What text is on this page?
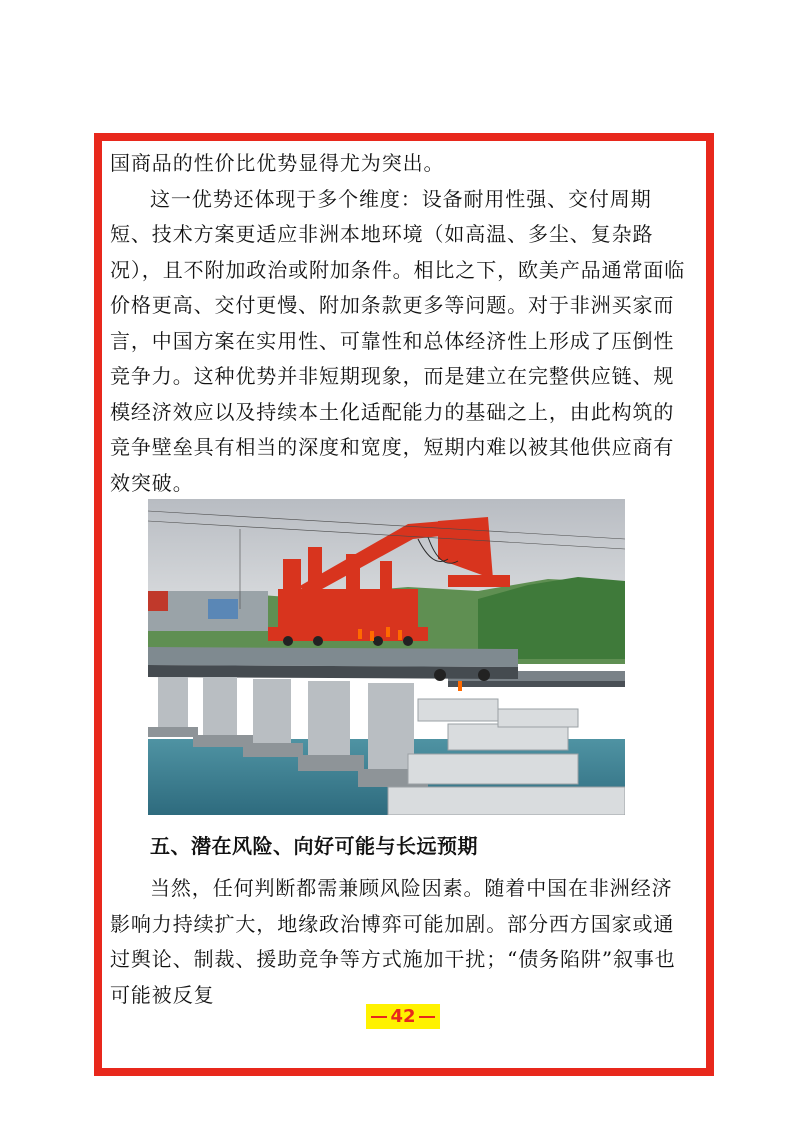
国商品的性价比优势显得尤为突出。

这一优势还体现于多个维度：设备耐用性强、交付周期短、技术方案更适应非洲本地环境（如高温、多尘、复杂路况），且不附加政治或附加条件。相比之下，欧美产品通常面临价格更高、交付更慢、附加条款更多等问题。对于非洲买家而言，中国方案在实用性、可靠性和总体经济性上形成了压倒性竞争力。这种优势并非短期现象，而是建立在完整供应链、规模经济效应以及持续本土化适配能力的基础之上，由此构筑的竞争壁垒具有相当的深度和宽度，短期内难以被其他供应商有效突破。

五、潜在风险、向好可能与长远预期

当然，任何判断都需兼顾风险因素。随着中国在非洲经济影响力持续扩大，地缘政治博弈可能加剧。部分西方国家或通过舆论、制裁、援助竞争等方式施加干扰；“债务陷阱”叙事也可能被反复

42
